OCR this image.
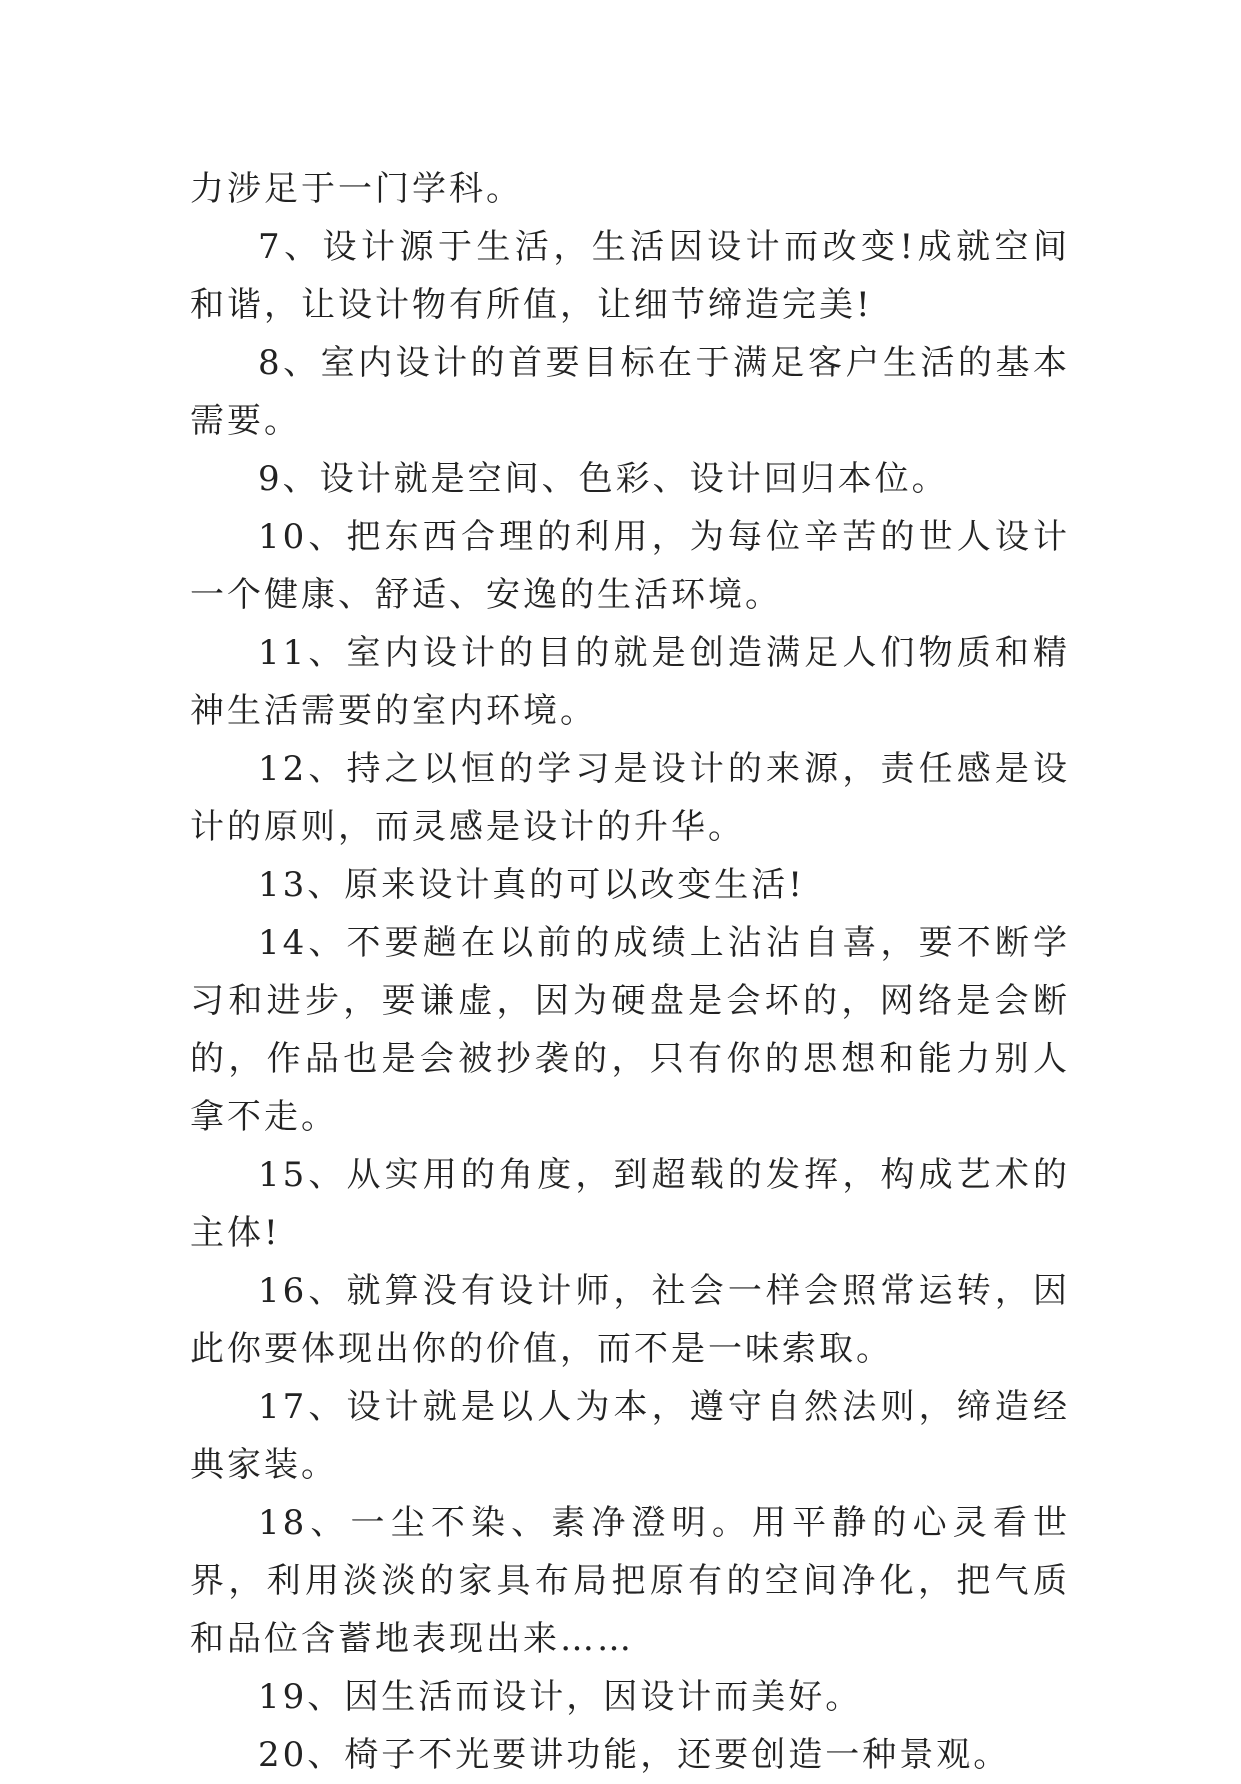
力涉足于一门学科。

7、设计源于生活，生活因设计而改变!成就空间和谐，让设计物有所值，让细节缔造完美!

8、室内设计的首要目标在于满足客户生活的基本需要。

9、设计就是空间、色彩、设计回归本位。

10、把东西合理的利用，为每位辛苦的世人设计一个健康、舒适、安逸的生活环境。

11、室内设计的目的就是创造满足人们物质和精神生活需要的室内环境。

12、持之以恒的学习是设计的来源，责任感是设计的原则，而灵感是设计的升华。

13、原来设计真的可以改变生活!

14、不要趟在以前的成绩上沾沾自喜，要不断学习和进步，要谦虚，因为硬盘是会坏的，网络是会断的，作品也是会被抄袭的，只有你的思想和能力别人拿不走。

15、从实用的角度，到超载的发挥，构成艺术的主体!

16、就算没有设计师，社会一样会照常运转，因此你要体现出你的价值，而不是一味索取。

17、设计就是以人为本，遵守自然法则，缔造经典家装。

18、一尘不染、素净澄明。用平静的心灵看世界，利用淡淡的家具布局把原有的空间净化，把气质和品位含蓄地表现出来……

19、因生活而设计，因设计而美好。

20、椅子不光要讲功能，还要创造一种景观。
